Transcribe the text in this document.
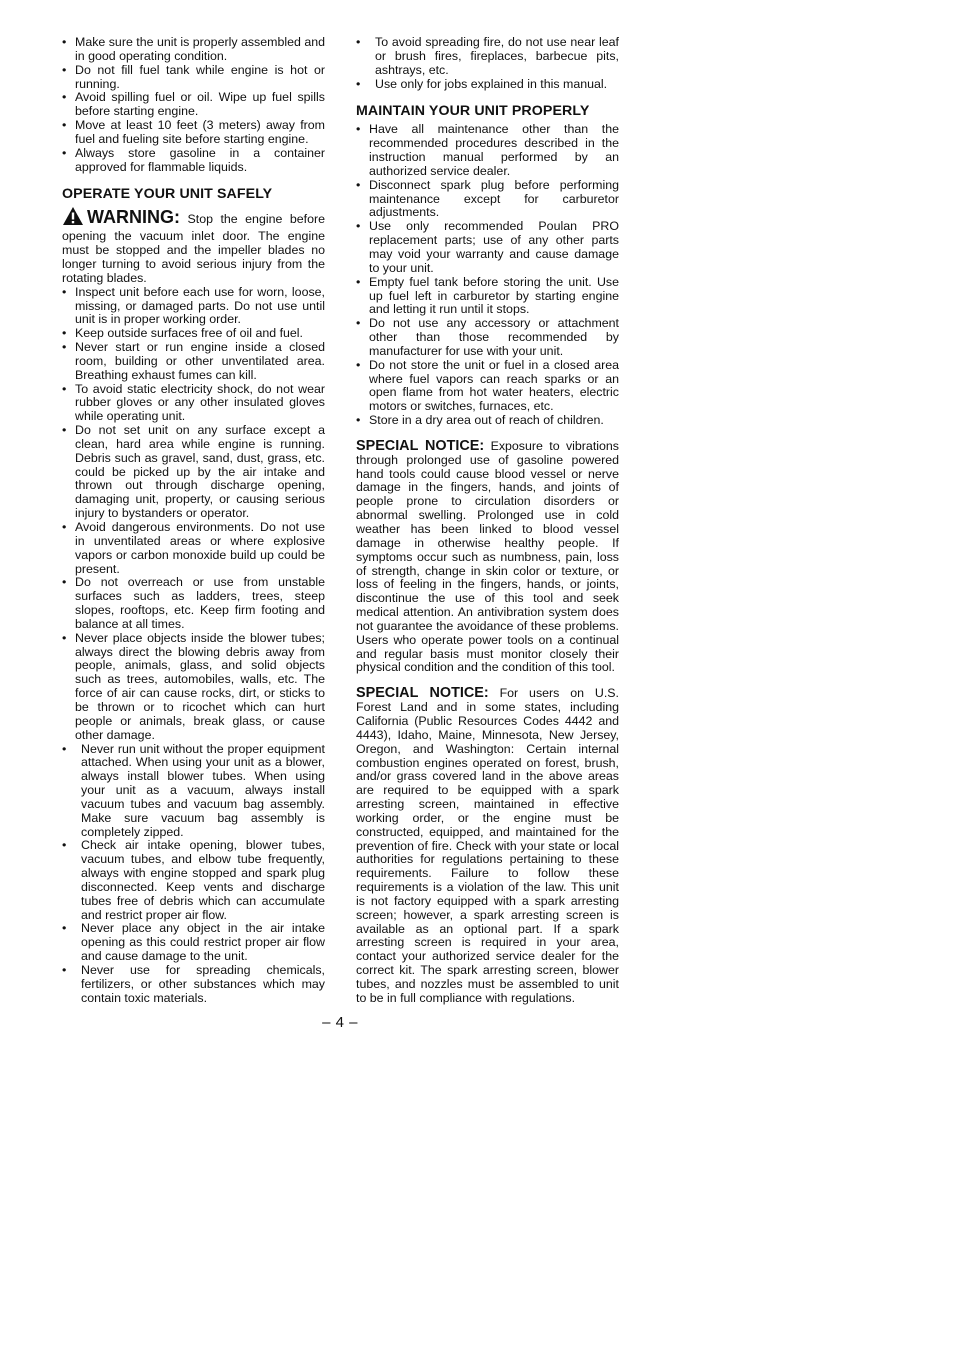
• Make sure the unit is properly assembled and in good operating condition.
• Do not fill fuel tank while engine is hot or running.
• Avoid spilling fuel or oil. Wipe up fuel spills before starting engine.
• Move at least 10 feet (3 meters) away from fuel and fueling site before starting engine.
• Always store gasoline in a container approved for flammable liquids.
OPERATE YOUR UNIT SAFELY

WARNING: Stop the engine before opening the vacuum inlet door. The engine must be stopped and the impeller blades no longer turning to avoid serious injury from the rotating blades.

• Inspect unit before each use for worn, loose, missing, or damaged parts. Do not use until unit is in proper working order.
• Keep outside surfaces free of oil and fuel.
• Never start or run engine inside a closed room, building or other unventilated area. Breathing exhaust fumes can kill.
• To avoid static electricity shock, do not wear rubber gloves or any other insulated gloves while operating unit.
• Do not set unit on any surface except a clean, hard area while engine is running. Debris such as gravel, sand, dust, grass, etc. could be picked up by the air intake and thrown out through discharge opening, damaging unit, property, or causing serious injury to bystanders or operator.
• Avoid dangerous environments. Do not use in unventilated areas or where explosive vapors or carbon monoxide build up could be present.
• Do not overreach or use from unstable surfaces such as ladders, trees, steep slopes, rooftops, etc. Keep firm footing and balance at all times.
• Never place objects inside the blower tubes; always direct the blowing debris away from people, animals, glass, and solid objects such as trees, automobiles, walls, etc. The force of air can cause rocks, dirt, or sticks to be thrown or to ricochet which can hurt people or animals, break glass, or cause other damage.
• Never run unit without the proper equipment attached. When using your unit as a blower, always install blower tubes. When using your unit as a vacuum, always install vacuum tubes and vacuum bag assembly. Make sure vacuum bag assembly is completely zipped.
• Check air intake opening, blower tubes, vacuum tubes, and elbow tube frequently, always with engine stopped and spark plug disconnected. Keep vents and discharge tubes free of debris which can accumulate and restrict proper air flow.
• Never place any object in the air intake opening as this could restrict proper air flow and cause damage to the unit.
• Never use for spreading chemicals, fertilizers, or other substances which may contain toxic materials.
• To avoid spreading fire, do not use near leaf or brush fires, fireplaces, barbecue pits, ashtrays, etc.
• Use only for jobs explained in this manual.
MAINTAIN YOUR UNIT PROPERLY
• Have all maintenance other than the recommended procedures described in the instruction manual performed by an authorized service dealer.
• Disconnect spark plug before performing maintenance except for carburetor adjustments.
• Use only recommended Poulan PRO replacement parts; use of any other parts may void your warranty and cause damage to your unit.
• Empty fuel tank before storing the unit. Use up fuel left in carburetor by starting engine and letting it run until it stops.
• Do not use any accessory or attachment other than those recommended by manufacturer for use with your unit.
• Do not store the unit or fuel in a closed area where fuel vapors can reach sparks or an open flame from hot water heaters, electric motors or switches, furnaces, etc.
• Store in a dry area out of reach of children.

SPECIAL NOTICE: Exposure to vibrations through prolonged use of gasoline powered hand tools could cause blood vessel or nerve damage in the fingers, hands, and joints of people prone to circulation disorders or abnormal swelling. Prolonged use in cold weather has been linked to blood vessel damage in otherwise healthy people. If symptoms occur such as numbness, pain, loss of strength, change in skin color or texture, or loss of feeling in the fingers, hands, or joints, discontinue the use of this tool and seek medical attention. An antivibration system does not guarantee the avoidance of these problems. Users who operate power tools on a continual and regular basis must monitor closely their physical condition and the condition of this tool.

SPECIAL NOTICE: For users on U.S. Forest Land and in some states, including California (Public Resources Codes 4442 and 4443), Idaho, Maine, Minnesota, New Jersey, Oregon, and Washington: Certain internal combustion engines operated on forest, brush, and/or grass covered land in the above areas are required to be equipped with a spark arresting screen, maintained in effective working order, or the engine must be constructed, equipped, and maintained for the prevention of fire. Check with your state or local authorities for regulations pertaining to these requirements. Failure to follow these requirements is a violation of the law. This unit is not factory equipped with a spark arresting screen; however, a spark arresting screen is available as an optional part. If a spark arresting screen is required in your area, contact your authorized service dealer for the correct kit. The spark arresting screen, blower tubes, and nozzles must be assembled to unit to be in full compliance with regulations.

– 4 –
